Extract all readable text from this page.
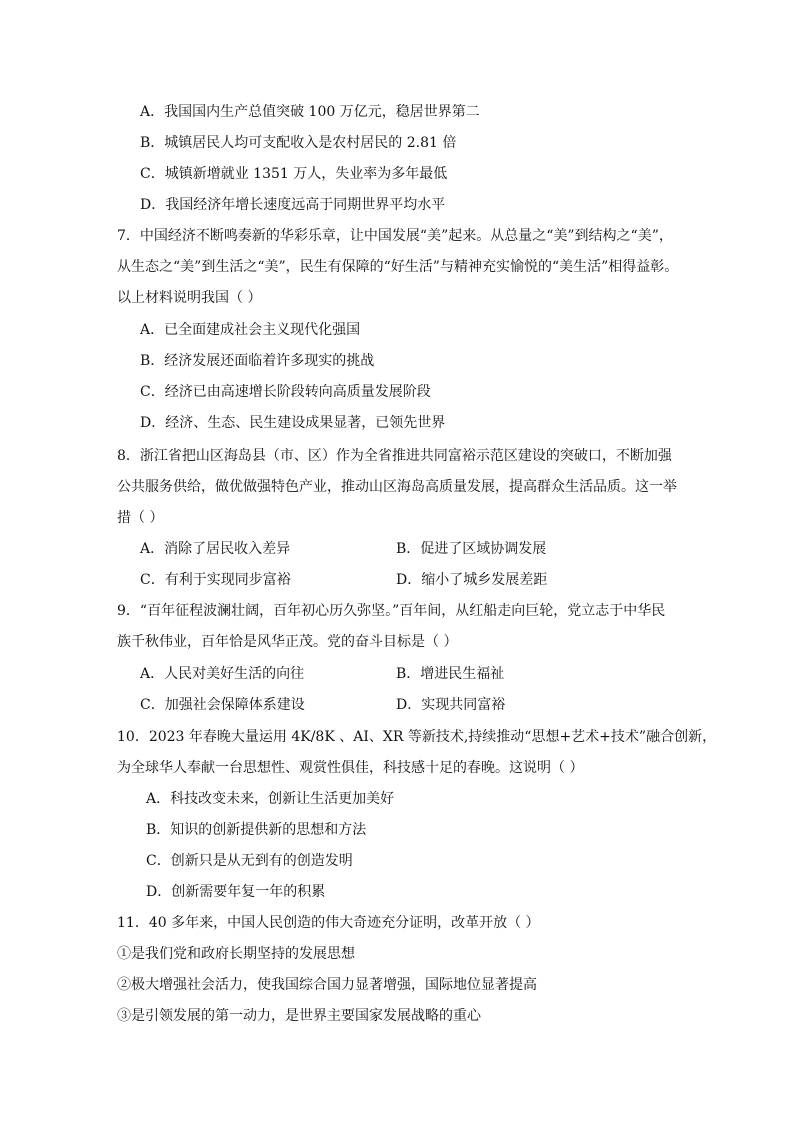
A．我国国内生产总值突破 100 万亿元，稳居世界第二
B．城镇居民人均可支配收入是农村居民的 2.81 倍
C．城镇新增就业 1351 万人，失业率为多年最低
D．我国经济年增长速度远高于同期世界平均水平
7．中国经济不断鸣奏新的华彩乐章，让中国发展“美”起来。从总量之“美”到结构之“美”，
从生态之“美”到生活之“美”，民生有保障的“好生活”与精神充实愉悦的“美生活”相得益彰。
以上材料说明我国（ ）
A．已全面建成社会主义现代化强国
B．经济发展还面临着许多现实的挑战
C．经济已由高速增长阶段转向高质量发展阶段
D．经济、生态、民生建设成果显著，已领先世界
8．浙江省把山区海岛县（市、区）作为全省推进共同富裕示范区建设的突破口，不断加强
公共服务供给，做优做强特色产业，推动山区海岛高质量发展，提高群众生活品质。这一举
措（ ）
A．消除了居民收入差异	B．促进了区域协调发展
C．有利于实现同步富裕	D．缩小了城乡发展差距
9．“百年征程波澜壮阔，百年初心历久弥坚。”百年间，从红船走向巨轮，党立志于中华民
族千秋伟业，百年恰是风华正茂。党的奋斗目标是（ ）
A．人民对美好生活的向往	B．增进民生福祉
C．加强社会保障体系建设	D．实现共同富裕
10．2023 年春晚大量运用 4K/8K 、AI、XR 等新技术,持续推动“思想+艺术+技术”融合创新，
为全球华人奉献一台思想性、观赏性俱佳，科技感十足的春晚。这说明（ ）
A．科技改变未来，创新让生活更加美好
B．知识的创新提供新的思想和方法
C．创新只是从无到有的创造发明
D．创新需要年复一年的积累
11．40 多年来，中国人民创造的伟大奇迹充分证明，改革开放（ ）
①是我们党和政府长期坚持的发展思想
②极大增强社会活力，使我国综合国力显著增强，国际地位显著提高
③是引领发展的第一动力，是世界主要国家发展战略的重心
